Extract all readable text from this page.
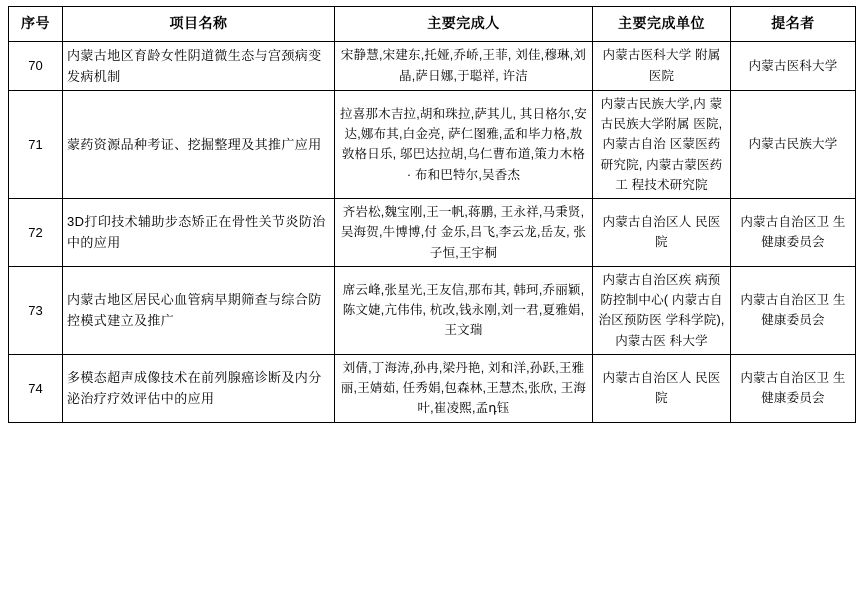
序号	项目名称	主要完成人	主要完成单位	提名者
70	内蒙古地区育龄女性阴道微生态与宫颈病变发病机制	宋静慧,宋建东,托娅,乔峤,王菲, 刘佳,穆琳,刘晶,萨日娜,于聪祥, 许洁	内蒙古医科大学 附属医院	内蒙古医科大学
71	蒙药资源品种考证、挖掘整理及其推广应用	拉喜那木吉拉,胡和珠拉,萨其儿, 其日格尔,安达,娜布其,白金亮, 萨仁图雅,孟和毕力格,敖敦格日乐, 邬巴达拉胡,乌仁曹布道,策力木格 · 布和巴特尔,吴香杰	内蒙古民族大学,内 蒙古民族大学附属 医院,内蒙古自治 区蒙医药研究院, 内蒙古蒙医药工 程技术研究院	内蒙古民族大学
72	3D打印技术辅助步态矫正在骨性关节炎防治中的应用	齐岩松,魏宝刚,王一帆,蒋鹏, 王永祥,马秉贤,吴海贺,牛博博,付 金乐,吕飞,李云龙,岳友, 张子恒,王宇桐	内蒙古自治区人 民医院	内蒙古自治区卫 生健康委员会
73	内蒙古地区居民心血管病早期筛查与综合防控模式建立及推广	席云峰,张星光,王友信,那布其, 韩珂,乔丽颖,陈文婕,亢伟伟, 杭改,钱永刚,刘一君,夏雅娟, 王文瑞	内蒙古自治区疾 病预防控制中心( 内蒙古自治区预防医 学科学院),内蒙古医 科大学	内蒙古自治区卫 生健康委员会
74	多模态超声成像技术在前列腺癌诊断及内分泌治疗疗效评估中的应用	刘倩,丁海涛,孙冉,梁丹艳, 刘和洋,孙跃,王雅丽,王婧茹, 任秀娟,包森林,王慧杰,张欣, 王海叶,崔凌熙,孟դ钰	内蒙古自治区人 民医院	内蒙古自治区卫 生健康委员会
